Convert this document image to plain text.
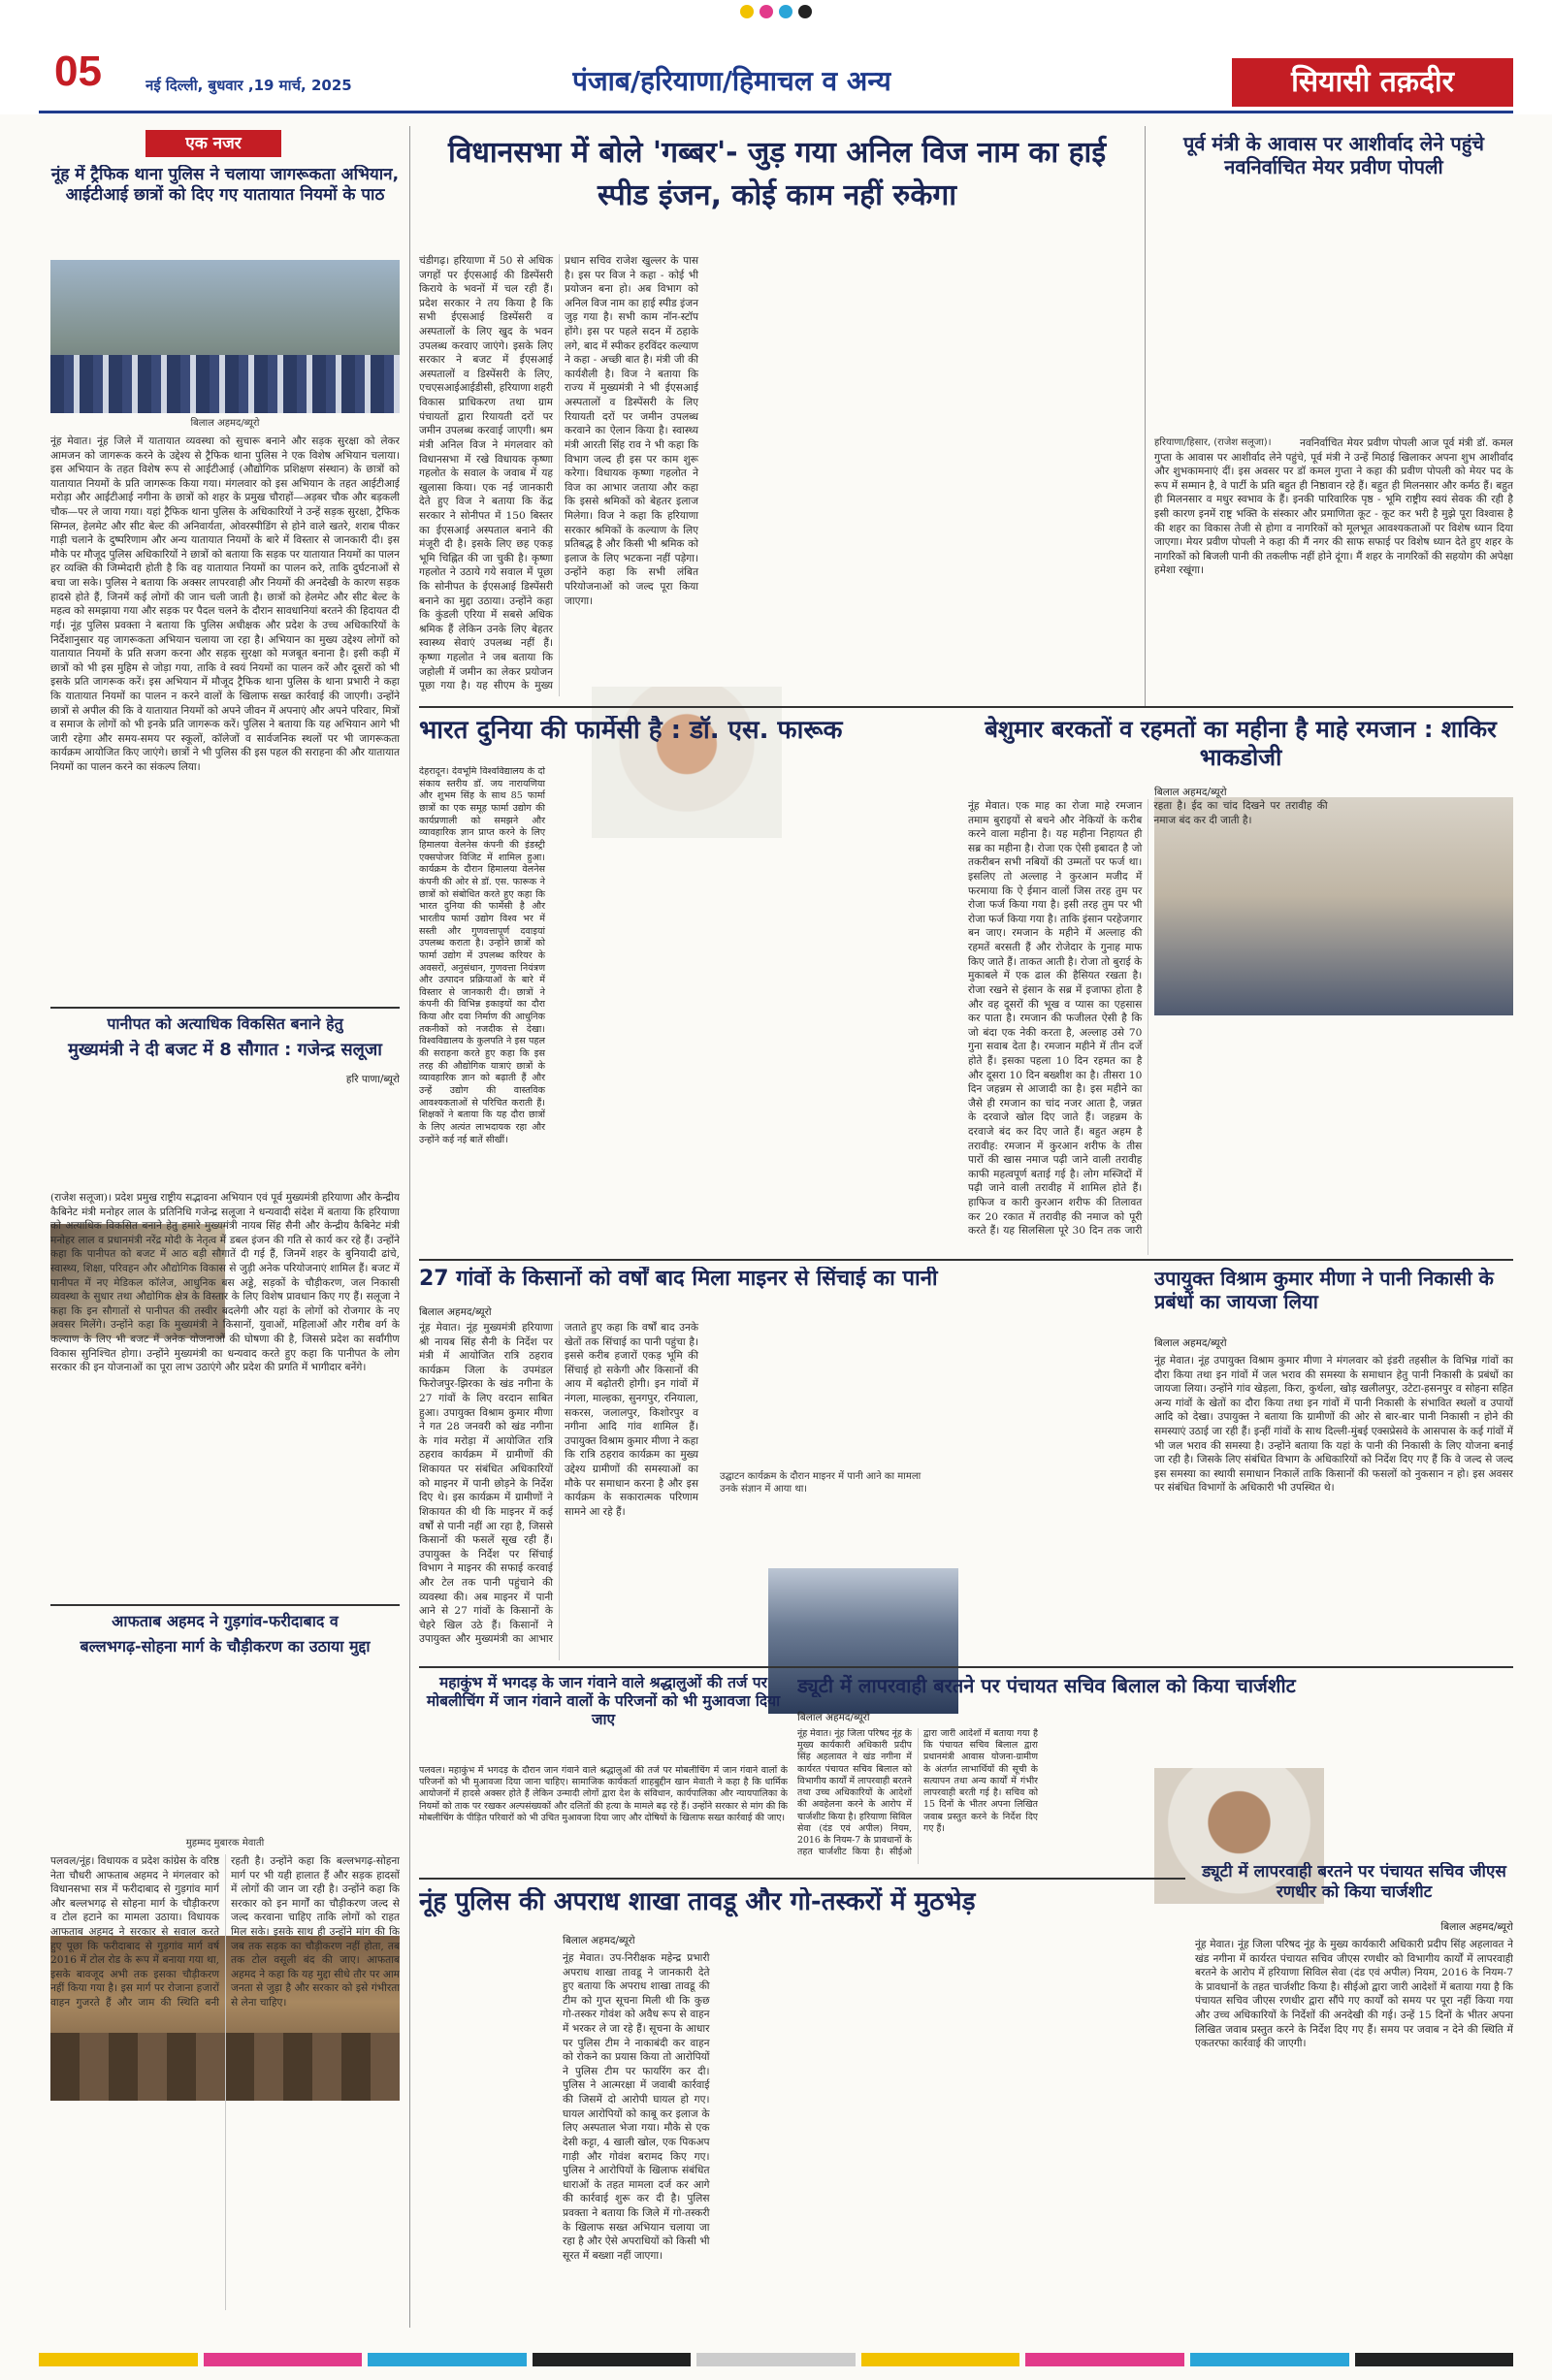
05	नई दिल्ली, बुधवार ,19 मार्च, 2025	पंजाब/हरियाणा/हिमाचल व अन्य	सियासी तक़दीर
एक नजर
नूंह में ट्रैफिक थाना पुलिस ने चलाया जागरूकता अभियान, आईटीआई छात्रों को दिए गए यातायात नियमों के पाठ
बिलाल अहमद/ब्यूरो
नूंह मेवात। नूंह जिले में यातायात व्यवस्था को सुचारू बनाने और सड़क सुरक्षा को लेकर आमजन को जागरूक करने के उद्देश्य से ट्रैफिक थाना पुलिस ने एक विशेष अभियान चलाया। इस अभियान के तहत विशेष रूप से आईटीआई (औद्योगिक प्रशिक्षण संस्थान) के छात्रों को यातायात नियमों के प्रति जागरूक किया गया। मंगलवार को इस अभियान के तहत आईटीआई मरोड़ा और आईटीआई नगीना के छात्रों को शहर के प्रमुख चौराहों—अड़बर चौक और बड़कली चौक—पर ले जाया गया। यहां ट्रैफिक थाना पुलिस के अधिकारियों ने उन्हें सड़क सुरक्षा, ट्रैफिक सिग्नल, हेलमेट और सीट बेल्ट की अनिवार्यता, ओवरस्पीडिंग से होने वाले खतरे, शराब पीकर गाड़ी चलाने के दुष्परिणाम और अन्य यातायात नियमों के बारे में विस्तार से जानकारी दी। इस मौके पर मौजूद पुलिस अधिकारियों ने छात्रों को बताया कि सड़क पर यातायात नियमों का पालन हर व्यक्ति की जिम्मेदारी होती है कि वह यातायात नियमों का पालन करे, ताकि दुर्घटनाओं से बचा जा सके। पुलिस ने बताया कि अक्सर लापरवाही और नियमों की अनदेखी के कारण सड़क हादसे होते हैं, जिनमें कई लोगों की जान चली जाती है। छात्रों को हेलमेट और सीट बेल्ट के महत्व को समझाया गया और सड़क पर पैदल चलने के दौरान सावधानियां बरतने की हिदायत दी गई। नूंह पुलिस प्रवक्ता ने बताया कि पुलिस अधीक्षक और प्रदेश के उच्च अधिकारियों के निर्देशानुसार यह जागरूकता अभियान चलाया जा रहा है। अभियान का मुख्य उद्देश्य लोगों को यातायात नियमों के प्रति सजग करना और सड़क सुरक्षा को मजबूत बनाना है। इसी कड़ी में छात्रों को भी इस मुहिम से जोड़ा गया, ताकि वे स्वयं नियमों का पालन करें और दूसरों को भी इसके प्रति जागरूक करें। इस अभियान में मौजूद ट्रैफिक थाना पुलिस के थाना प्रभारी ने कहा कि यातायात नियमों का पालन न करने वालों के खिलाफ सख्त कार्रवाई की जाएगी। उन्होंने छात्रों से अपील की कि वे यातायात नियमों को अपने जीवन में अपनाएं और अपने परिवार, मित्रों व समाज के लोगों को भी इनके प्रति जागरूक करें। पुलिस ने बताया कि यह अभियान आगे भी जारी रहेगा और समय-समय पर स्कूलों, कॉलेजों व सार्वजनिक स्थलों पर भी जागरूकता कार्यक्रम आयोजित किए जाएंगे। छात्रों ने भी पुलिस की इस पहल की सराहना की और यातायात नियमों का पालन करने का संकल्प लिया।
पानीपत को अत्याधिक विकसित बनाने हेतु
मुख्यमंत्री ने दी बजट में 8 सौगात : गजेन्द्र सलूजा
हरि पाणा/ब्यूरो
(राजेश सलूजा)। प्रदेश प्रमुख राष्ट्रीय सद्भावना अभियान एवं पूर्व मुख्यमंत्री हरियाणा और केन्द्रीय कैबिनेट मंत्री मनोहर लाल के प्रतिनिधि गजेन्द्र सलूजा ने धन्यवादी संदेश में बताया कि हरियाणा को अत्याधिक विकसित बनाने हेतु हमारे मुख्यमंत्री नायब सिंह सैनी और केन्द्रीय कैबिनेट मंत्री मनोहर लाल व प्रधानमंत्री नरेंद्र मोदी के नेतृत्व में डबल इंजन की गति से कार्य कर रहे हैं। उन्होंने कहा कि पानीपत को बजट में आठ बड़ी सौगातें दी गई हैं, जिनमें शहर के बुनियादी ढांचे, स्वास्थ्य, शिक्षा, परिवहन और औद्योगिक विकास से जुड़ी अनेक परियोजनाएं शामिल हैं। बजट में पानीपत में नए मेडिकल कॉलेज, आधुनिक बस अड्डे, सड़कों के चौड़ीकरण, जल निकासी व्यवस्था के सुधार तथा औद्योगिक क्षेत्र के विस्तार के लिए विशेष प्रावधान किए गए हैं। सलूजा ने कहा कि इन सौगातों से पानीपत की तस्वीर बदलेगी और यहां के लोगों को रोजगार के नए अवसर मिलेंगे। उन्होंने कहा कि मुख्यमंत्री ने किसानों, युवाओं, महिलाओं और गरीब वर्ग के कल्याण के लिए भी बजट में अनेक योजनाओं की घोषणा की है, जिससे प्रदेश का सर्वांगीण विकास सुनिश्चित होगा। उन्होंने मुख्यमंत्री का धन्यवाद करते हुए कहा कि पानीपत के लोग सरकार की इन योजनाओं का पूरा लाभ उठाएंगे और प्रदेश की प्रगति में भागीदार बनेंगे।
आफताब अहमद ने गुड़गांव-फरीदाबाद व
बल्लभगढ़-सोहना मार्ग के चौड़ीकरण का उठाया मुद्दा
मुहम्मद मुबारक मेवाती
पलवल/नूंह। विधायक व प्रदेश कांग्रेस के वरिष्ठ नेता चौधरी आफताब अहमद ने मंगलवार को विधानसभा सत्र में फरीदाबाद से गुड़गांव मार्ग और बल्लभगढ़ से सोहना मार्ग के चौड़ीकरण व टोल हटाने का मामला उठाया। विधायक आफताब अहमद ने सरकार से सवाल करते हुए पूछा कि फरीदाबाद से गुड़गांव मार्ग वर्ष 2016 में टोल रोड के रूप में बनाया गया था, इसके बावजूद अभी तक इसका चौड़ीकरण नहीं किया गया है। इस मार्ग पर रोजाना हजारों वाहन गुजरते हैं और जाम की स्थिति बनी रहती है। उन्होंने कहा कि बल्लभगढ़-सोहना मार्ग पर भी यही हालात हैं और सड़क हादसों में लोगों की जान जा रही है। उन्होंने कहा कि सरकार को इन मार्गों का चौड़ीकरण जल्द से जल्द करवाना चाहिए ताकि लोगों को राहत मिल सके। इसके साथ ही उन्होंने मांग की कि जब तक सड़क का चौड़ीकरण नहीं होता, तब तक टोल वसूली बंद की जाए। आफताब अहमद ने कहा कि यह मुद्दा सीधे तौर पर आम जनता से जुड़ा है और सरकार को इसे गंभीरता से लेना चाहिए।
विधानसभा में बोले 'गब्बर'- जुड़ गया अनिल विज नाम का हाई स्पीड इंजन, कोई काम नहीं रुकेगा
चंडीगढ़। हरियाणा में 50 से अधिक जगहों पर ईएसआई की डिस्पेंसरी किराये के भवनों में चल रही हैं। प्रदेश सरकार ने तय किया है कि सभी ईएसआई डिस्पेंसरी व अस्पतालों के लिए खुद के भवन उपलब्ध करवाए जाएंगे। इसके लिए सरकार ने बजट में ईएसआई अस्पतालों व डिस्पेंसरी के लिए, एचएसआईआईडीसी, हरियाणा शहरी विकास प्राधिकरण तथा ग्राम पंचायतों द्वारा रियायती दरों पर जमीन उपलब्ध करवाई जाएगी। श्रम मंत्री अनिल विज ने मंगलवार को विधानसभा में रखे विधायक कृष्णा गहलोत के सवाल के जवाब में यह खुलासा किया। एक नई जानकारी देते हुए विज ने बताया कि केंद्र सरकार ने सोनीपत में 150 बिस्तर का ईएसआई अस्पताल बनाने की मंजूरी दी है। इसके लिए छह एकड़ भूमि चिह्नित की जा चुकी है। कृष्णा गहलोत ने उठाये गये सवाल में पूछा कि सोनीपत के ईएसआई डिस्पेंसरी बनाने का मुद्दा उठाया। उन्होंने कहा कि कुंडली एरिया में सबसे अधिक श्रमिक हैं लेकिन उनके लिए बेहतर स्वास्थ्य सेवाएं उपलब्ध नहीं हैं। कृष्णा गहलोत ने जब बताया कि जहोली में जमीन का लेकर प्रयोजन पूछा गया है। यह सीएम के मुख्य प्रधान सचिव राजेश खुल्लर के पास है। इस पर विज ने कहा - कोई भी प्रयोजन बना हो। अब विभाग को अनिल विज नाम का हाई स्पीड इंजन जुड़ गया है। सभी काम नॉन-स्टॉप होंगे। इस पर पहले सदन में ठहाके लगे, बाद में स्पीकर हरविंदर कल्याण ने कहा - अच्छी बात है। मंत्री जी की कार्यशैली है। विज ने बताया कि राज्य में मुख्यमंत्री ने भी ईएसआई अस्पतालों व डिस्पेंसरी के लिए रियायती दरों पर जमीन उपलब्ध करवाने का ऐलान किया है। स्वास्थ्य मंत्री आरती सिंह राव ने भी कहा कि विभाग जल्द ही इस पर काम शुरू करेगा। विधायक कृष्णा गहलोत ने विज का आभार जताया और कहा कि इससे श्रमिकों को बेहतर इलाज मिलेगा। विज ने कहा कि हरियाणा सरकार श्रमिकों के कल्याण के लिए प्रतिबद्ध है और किसी भी श्रमिक को इलाज के लिए भटकना नहीं पड़ेगा। उन्होंने कहा कि सभी लंबित परियोजनाओं को जल्द पूरा किया जाएगा।
पूर्व मंत्री के आवास पर आशीर्वाद लेने पहुंचे नवनिर्वाचित मेयर प्रवीण पोपली
हरियाणा/हिसार, (राजेश सलूजा)।	नवनिर्वाचित मेयर प्रवीण पोपली आज पूर्व मंत्री डॉ. कमल गुप्ता के आवास पर आशीर्वाद लेने पहुंचे, पूर्व मंत्री ने उन्हें मिठाई खिलाकर अपना शुभ आशीर्वाद और शुभकामनाएं दीं। इस अवसर पर डॉ कमल गुप्ता ने कहा की प्रवीण पोपली को मेयर पद के रूप में सम्मान है, वे पार्टी के प्रति बहुत ही निष्ठावान रहे हैं। बहुत ही मिलनसार और कर्मठ हैं। बहुत ही मिलनसार व मधुर स्वभाव के हैं। इनकी पारिवारिक पृष्ठ - भूमि राष्ट्रीय स्वयं सेवक की रही है इसी कारण इनमें राष्ट्र भक्ति के संस्कार और प्रमाणिता कूट - कूट कर भरी है मुझे पूरा विश्वास है की शहर का विकास तेजी से होगा व नागरिकों को मूलभूत आवश्यकताओं पर विशेष ध्यान दिया जाएगा। मेयर प्रवीण पोपली ने कहा की मैं नगर की साफ सफाई पर विशेष ध्यान देते हुए शहर के नागरिकों को बिजली पानी की तकलीफ नहीं होने दूंगा। मैं शहर के नागरिकों की सहयोग की अपेक्षा हमेशा रखूंगा।
भारत दुनिया की फार्मेसी है : डॉ. एस. फारूक
देहरादून। देवभूमि विश्वविद्यालय के दो संकाय स्तरीय डॉ. जय नारायणिया और शुभम सिंह के साथ 85 फार्मा छात्रों का एक समूह फार्मा उद्योग की कार्यप्रणाली को समझने और व्यावहारिक ज्ञान प्राप्त करने के लिए हिमालया वेलनेस कंपनी की इंडस्ट्री एक्सपोजर विजिट में शामिल हुआ। कार्यक्रम के दौरान हिमालया वेलनेस कंपनी की ओर से डॉ. एस. फारूक ने छात्रों को संबोधित करते हुए कहा कि भारत दुनिया की फार्मेसी है और भारतीय फार्मा उद्योग विश्व भर में सस्ती और गुणवत्तापूर्ण दवाइयां उपलब्ध कराता है। उन्होंने छात्रों को फार्मा उद्योग में उपलब्ध करियर के अवसरों, अनुसंधान, गुणवत्ता नियंत्रण और उत्पादन प्रक्रियाओं के बारे में विस्तार से जानकारी दी। छात्रों ने कंपनी की विभिन्न इकाइयों का दौरा किया और दवा निर्माण की आधुनिक तकनीकों को नजदीक से देखा। विश्वविद्यालय के कुलपति ने इस पहल की सराहना करते हुए कहा कि इस तरह की औद्योगिक यात्राएं छात्रों के व्यावहारिक ज्ञान को बढ़ाती हैं और उन्हें उद्योग की वास्तविक आवश्यकताओं से परिचित कराती हैं। शिक्षकों ने बताया कि यह दौरा छात्रों के लिए अत्यंत लाभदायक रहा और उन्होंने कई नई बातें सीखीं।
बेशुमार बरकतों व रहमतों का महीना है माहे रमजान : शाकिर भाकडोजी
बिलाल अहमद/ब्यूरो
नूंह मेवात। एक माह का रोजा माहे रमजान तमाम बुराइयों से बचने और नेकियों के करीब करने वाला महीना है। यह महीना निहायत ही सब्र का महीना है। रोजा एक ऐसी इबादत है जो तकरीबन सभी नबियों की उम्मतों पर फर्ज था। इसलिए तो अल्लाह ने कुरआन मजीद में फरमाया कि ऐ ईमान वालों जिस तरह तुम पर रोजा फर्ज किया गया है। इसी तरह तुम पर भी रोजा फर्ज किया गया है। ताकि इंसान परहेजगार बन जाए। रमजान के महीने में अल्लाह की रहमतें बरसती हैं और रोजेदार के गुनाह माफ किए जाते हैं। ताकत आती है। रोजा तो बुराई के मुकाबले में एक ढाल की हैसियत रखता है। रोजा रखने से इंसान के सब्र में इजाफा होता है और वह दूसरों की भूख व प्यास का एहसास कर पाता है। रमजान की फजीलत ऐसी है कि जो बंदा एक नेकी करता है, अल्लाह उसे 70 गुना सवाब देता है। रमजान महीने में तीन दर्जे होते हैं। इसका पहला 10 दिन रहमत का है और दूसरा 10 दिन बख्शीश का है। तीसरा 10 दिन जहन्नम से आजादी का है। इस महीने का जैसे ही रमजान का चांद नजर आता है, जन्नत के दरवाजे खोल दिए जाते हैं। जहन्नम के दरवाजे बंद कर दिए जाते हैं। बहुत अहम है तरावीह: रमजान में कुरआन शरीफ के तीस पारों की खास नमाज पढ़ी जाने वाली तरावीह काफी महत्वपूर्ण बताई गई है। लोग मस्जिदों में पढ़ी जाने वाली तरावीह में शामिल होते हैं। हाफिज व कारी कुरआन शरीफ की तिलावत कर 20 रकात में तरावीह की नमाज को पूरी करते हैं। यह सिलसिला पूरे 30 दिन तक जारी रहता है। ईद का चांद दिखने पर तरावीह की नमाज बंद कर दी जाती है।
27 गांवों के किसानों को वर्षों बाद मिला माइनर से सिंचाई का पानी
बिलाल अहमद/ब्यूरो
उद्घाटन कार्यक्रम के दौरान माइनर में पानी आने का मामला उनके संज्ञान में आया था।
नूंह मेवात। नूंह मुख्यमंत्री हरियाणा श्री नायब सिंह सैनी के निर्देश पर मंत्री में आयोजित रात्रि ठहराव कार्यक्रम जिला के उपमंडल फिरोजपुर-झिरका के खंड नगीना के 27 गांवों के लिए वरदान साबित हुआ। उपायुक्त विश्राम कुमार मीणा ने गत 28 जनवरी को खंड नगीना के गांव मरोड़ा में आयोजित रात्रि ठहराव कार्यक्रम में ग्रामीणों की शिकायत पर संबंधित अधिकारियों को माइनर में पानी छोड़ने के निर्देश दिए थे। इस कार्यक्रम में ग्रामीणों ने शिकायत की थी कि माइनर में कई वर्षों से पानी नहीं आ रहा है, जिससे किसानों की फसलें सूख रही हैं। उपायुक्त के निर्देश पर सिंचाई विभाग ने माइनर की सफाई करवाई और टेल तक पानी पहुंचाने की व्यवस्था की। अब माइनर में पानी आने से 27 गांवों के किसानों के चेहरे खिल उठे हैं। किसानों ने उपायुक्त और मुख्यमंत्री का आभार जताते हुए कहा कि वर्षों बाद उनके खेतों तक सिंचाई का पानी पहुंचा है। इससे करीब हजारों एकड़ भूमि की सिंचाई हो सकेगी और किसानों की आय में बढ़ोतरी होगी। इन गांवों में नंगला, माल्हका, सुनगपुर, रनियाला, सकरस, जलालपुर, किशोरपुर व नगीना आदि गांव शामिल हैं। उपायुक्त विश्राम कुमार मीणा ने कहा कि रात्रि ठहराव कार्यक्रम का मुख्य उद्देश्य ग्रामीणों की समस्याओं का मौके पर समाधान करना है और इस कार्यक्रम के सकारात्मक परिणाम सामने आ रहे हैं।
उपायुक्त विश्राम कुमार मीणा ने पानी निकासी के प्रबंधों का जायजा लिया
बिलाल अहमद/ब्यूरो
नूंह मेवात। नूंह उपायुक्त विश्राम कुमार मीणा ने मंगलवार को इंडरी तहसील के विभिन्न गांवों का दौरा किया तथा इन गांवों में जल भराव की समस्या के समाधान हेतु पानी निकासी के प्रबंधों का जायजा लिया। उन्होंने गांव खेड़ला, किरा, कुर्थला, खोड़ खलीलपुर, उटेटा-हसनपुर व सोहना सहित अन्य गांवों के खेतों का दौरा किया तथा इन गांवों में पानी निकासी के संभावित स्थलों व उपायों आदि को देखा। उपायुक्त ने बताया कि ग्रामीणों की ओर से बार-बार पानी निकासी न होने की समस्याएं उठाई जा रही हैं। इन्हीं गांवों के साथ दिल्ली-मुंबई एक्सप्रेसवे के आसपास के कई गांवों में भी जल भराव की समस्या है। उन्होंने बताया कि यहां के पानी की निकासी के लिए योजना बनाई जा रही है। जिसके लिए संबंधित विभाग के अधिकारियों को निर्देश दिए गए हैं कि वे जल्द से जल्द इस समस्या का स्थायी समाधान निकालें ताकि किसानों की फसलों को नुकसान न हो। इस अवसर पर संबंधित विभागों के अधिकारी भी उपस्थित थे।
महाकुंभ में भगदड़ के जान गंवाने वाले श्रद्धालुओं की तर्ज पर मोबलीचिंग में जान गंवाने वालों के परिजनों को भी मुआवजा दिया जाए
पलवल। महाकुंभ में भगदड़ के दौरान जान गंवाने वाले श्रद्धालुओं की तर्ज पर मोबलीचिंग में जान गंवाने वालों के परिजनों को भी मुआवजा दिया जाना चाहिए। सामाजिक कार्यकर्ता शाहबुद्दीन खान मेवाती ने कहा है कि धार्मिक आयोजनों में हादसे अक्सर होते हैं लेकिन उन्मादी लोगों द्वारा देश के संविधान, कार्यपालिका और न्यायपालिका के नियमों को ताक पर रखकर अल्पसंख्यकों और दलितों की हत्या के मामले बढ़ रहे हैं। उन्होंने सरकार से मांग की कि मोबलीचिंग के पीड़ित परिवारों को भी उचित मुआवजा दिया जाए और दोषियों के खिलाफ सख्त कार्रवाई की जाए।
ड्यूटी में लापरवाही बरतने पर पंचायत सचिव बिलाल को किया चार्जशीट
बिलाल अहमद/ब्यूरो
नूंह मेवात। नूंह जिला परिषद नूंह के मुख्य कार्यकारी अधिकारी प्रदीप सिंह अहलावत ने खंड नगीना में कार्यरत पंचायत सचिव बिलाल को विभागीय कार्यों में लापरवाही बरतने तथा उच्च अधिकारियों के आदेशों की अवहेलना करने के आरोप में चार्जशीट किया है। हरियाणा सिविल सेवा (दंड एवं अपील) नियम, 2016 के नियम-7 के प्रावधानों के तहत चार्जशीट किया है। सीईओ द्वारा जारी आदेशों में बताया गया है कि पंचायत सचिव बिलाल द्वारा प्रधानमंत्री आवास योजना-ग्रामीण के अंतर्गत लाभार्थियों की सूची के सत्यापन तथा अन्य कार्यों में गंभीर लापरवाही बरती गई है। सचिव को 15 दिनों के भीतर अपना लिखित जवाब प्रस्तुत करने के निर्देश दिए गए हैं।
ड्यूटी में लापरवाही बरतने पर पंचायत सचिव जीएस रणधीर को किया चार्जशीट
बिलाल अहमद/ब्यूरो
नूंह मेवात। नूंह जिला परिषद नूंह के मुख्य कार्यकारी अधिकारी प्रदीप सिंह अहलावत ने खंड नगीना में कार्यरत पंचायत सचिव जीएस रणधीर को विभागीय कार्यों में लापरवाही बरतने के आरोप में हरियाणा सिविल सेवा (दंड एवं अपील) नियम, 2016 के नियम-7 के प्रावधानों के तहत चार्जशीट किया है। सीईओ द्वारा जारी आदेशों में बताया गया है कि पंचायत सचिव जीएस रणधीर द्वारा सौंपे गए कार्यों को समय पर पूरा नहीं किया गया और उच्च अधिकारियों के निर्देशों की अनदेखी की गई। उन्हें 15 दिनों के भीतर अपना लिखित जवाब प्रस्तुत करने के निर्देश दिए गए हैं। समय पर जवाब न देने की स्थिति में एकतरफा कार्रवाई की जाएगी।
नूंह पुलिस की अपराध शाखा तावडू और गो-तस्करों में मुठभेड़
बिलाल अहमद/ब्यूरो
नूंह मेवात। उप-निरीक्षक महेन्द्र प्रभारी अपराध शाखा तावडू ने जानकारी देते हुए बताया कि अपराध शाखा तावडू की टीम को गुप्त सूचना मिली थी कि कुछ गो-तस्कर गोवंश को अवैध रूप से वाहन में भरकर ले जा रहे हैं। सूचना के आधार पर पुलिस टीम ने नाकाबंदी कर वाहन को रोकने का प्रयास किया तो आरोपियों ने पुलिस टीम पर फायरिंग कर दी। पुलिस ने आत्मरक्षा में जवाबी कार्रवाई की जिसमें दो आरोपी घायल हो गए। घायल आरोपियों को काबू कर इलाज के लिए अस्पताल भेजा गया। मौके से एक देसी कट्टा, 4 खाली खोल, एक पिकअप गाड़ी और गोवंश बरामद किए गए। पुलिस ने आरोपियों के खिलाफ संबंधित धाराओं के तहत मामला दर्ज कर आगे की कार्रवाई शुरू कर दी है। पुलिस प्रवक्ता ने बताया कि जिले में गो-तस्करी के खिलाफ सख्त अभियान चलाया जा रहा है और ऐसे अपराधियों को किसी भी सूरत में बख्शा नहीं जाएगा।
